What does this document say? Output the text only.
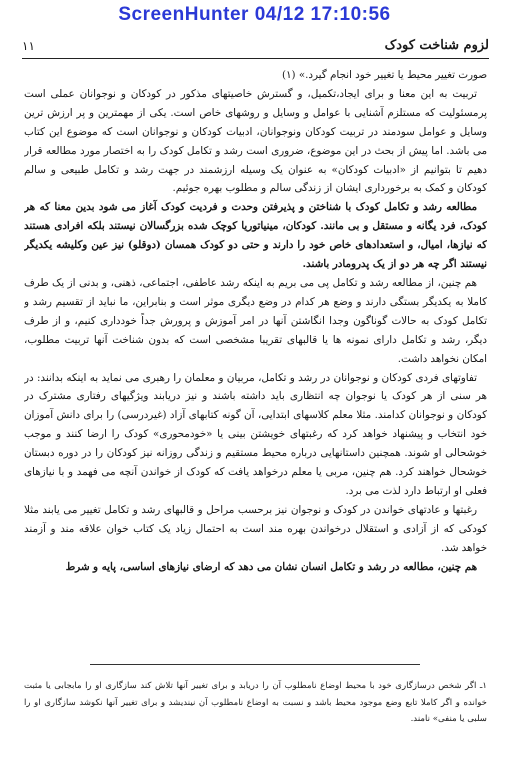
ScreenHunter 04/12 17:10:56
لزوم شناخت کودک
۱۱

صورت تغییر محیط یا تغییر خود انجام گیرد.» (۱)

تربیت به این معنا و برای ایجاد،تکمیل، و گسترش خاصیتهای مذکور در کودکان و نوجوانان عملی است پرمسئولیت که مستلزم آشنایی با عوامل و وسایل و روشهای خاص است. یکی از مهمترین و پر ارزش ترین وسایل و عوامل سودمند در تربیت کودکان ونوجوانان، ادبیات کودکان و نوجوانان است که موضوع این کتاب می باشد. اما پیش از بحث در این موضوع، ضروری است رشد و تکامل کودک را به اختصار مورد مطالعه قرار دهیم تا بتوانیم از «ادبیات کودکان» به عنوان یک وسیله ارزشمند در جهت رشد و تکامل طبیعی و سالم کودکان و کمک به برخورداری ایشان از زندگی سالم و مطلوب بهره جوئیم.

مطالعه رشد و تکامل کودک با شناختن و پذیرفتن وحدت و فردیت کودک آغاز می شود بدین معنا که هر کودک، فرد یگانه و مستقل و بی مانند. کودکان، مینیاتوریا کوچک شده بزرگسالان نیستند بلکه افرادی هستند که نیازها، امیال، و استعدادهای خاص خود را دارند و حتی دو کودک همسان (دوقلو) نیز عین وکلیشه یکدیگر نیستند اگر چه هر دو از یک پدرومادر باشند.

هم چنین، از مطالعه رشد و تکامل پی می بریم به اینکه رشد عاطفی، اجتماعی، ذهنی، و بدنی از یک طرف کاملا به یکدیگر بستگی دارند و وضع هر کدام در وضع دیگری موثر است و بنابراین، ما نباید از تقسیم رشد و تکامل کودک به حالات گوناگون وجدا انگاشتن آنها در امر آموزش و پرورش جداً خودداری کنیم، و از طرف دیگر، رشد و تکامل دارای نمونه ها یا قالبهای تقریبا مشخصی است که بدون شناخت آنها تربیت مطلوب، امکان نخواهد داشت.

تفاوتهای فردی کودکان و نوجوانان در رشد و تکامل، مربیان و معلمان را رهبری می نماید به اینکه بدانند: در هر سنی از هر کودک یا نوجوان چه انتظاری باید داشته باشند و نیز دریابند ویژگیهای رفتاری مشترک در کودکان و نوجوانان کدامند. مثلا معلم کلاسهای ابتدایی، آن گونه کتابهای آزاد (غیردرسی) را برای دانش آموزان خود انتخاب و پیشنهاد خواهد کرد که رغبتهای خویشتن بینی یا «خودمحوری» کودک را ارضا کنند و موجب خوشحالی او شوند. همچنین داستانهایی درباره محیط مستقیم و زندگی روزانه نیز کودکان را در دوره دبستان خوشحال خواهند کرد. هم چنین، مربی یا معلم درخواهد یافت که کودک از خواندن آنچه می فهمد و با نیازهای فعلی او ارتباط دارد لذت می برد.

رغبتها و عادتهای خواندن در کودک و نوجوان نیز برحسب مراحل و قالبهای رشد و تکامل تغییر می یابند مثلا کودکی که از آزادی و استقلال درخواندن بهره مند است به احتمال زیاد یک کتاب خوان علاقه مند و آزمند خواهد شد.

هم چنین، مطالعه در رشد و تکامل انسان نشان می دهد که ارضای نیازهای اساسی، پایه و شرط

۱ـ اگر شخص درسازگاری خود با محیط اوضاع نامطلوب آن را دریابد و برای تغییر آنها تلاش کند سازگاری او را مابجابی یا مثبت خوانده و اگر کاملا تابع وضع موجود محیط باشد و نسبت به اوضاع نامطلوب آن نیندیشد و برای تغییر آنها نکوشد سازگاری او را سلبی یا منفی» نامند.
